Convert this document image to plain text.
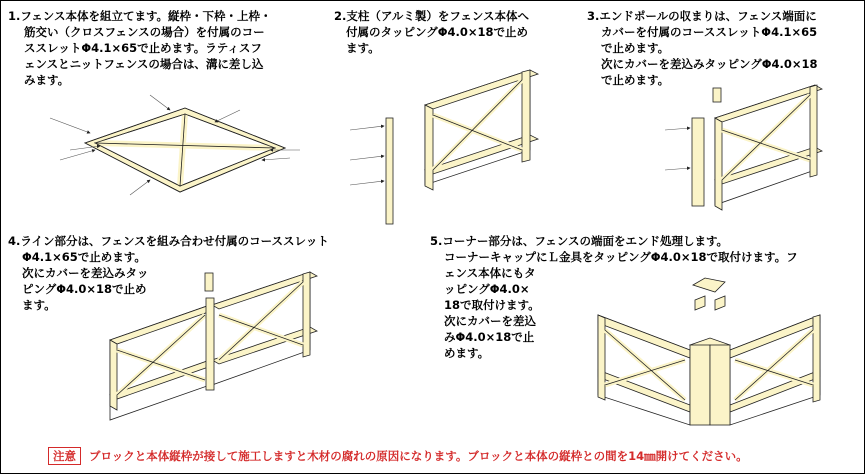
1.フェンス本体を組立てます。縦枠・下枠・上枠・
筋交い（クロスフェンスの場合）を付属のコー
ススレットΦ4.1×65で止めます。ラティスフ
ェンスとニットフェンスの場合は、溝に差し込
みます。
2.支柱（アルミ製）をフェンス本体へ
付属のタッピングΦ4.0×18で止め
ます。
3.エンドポールの収まりは、フェンス端面に
カバーを付属のコーススレットΦ4.1×65
で止めます。
次にカバーを差込みタッピングΦ4.0×18
で止めます。
4.ライン部分は、フェンスを組み合わせ付属のコーススレット
Φ4.1×65で止めます。
次にカバーを差込みタッ
ピングΦ4.0×18で止め
ます。
5.コーナー部分は、フェンスの端面をエンド処理します。
コーナーキャップにＬ金具をタッピングΦ4.0×18で取付けます。フ
ェンス本体にもタ
ッピングΦ4.0×
18で取付けます。
次にカバーを差込
みΦ4.0×18で止
めます。
注意 ブロックと本体縦枠が接して施工しますと木材の腐れの原因になります。ブロックと本体の縦枠との間を14㎜開けてください。
